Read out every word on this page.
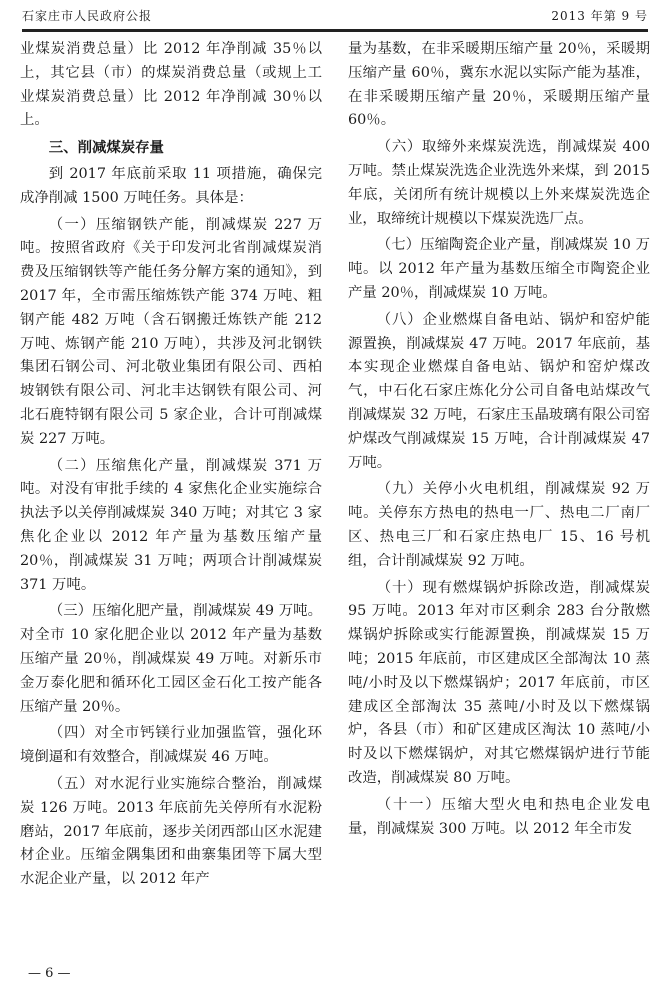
石家庄市人民政府公报	2013 年第 9 号

业煤炭消费总量）比 2012 年净削减 35％以上，其它县（市）的煤炭消费总量（或规上工业煤炭消费总量）比 2012 年净削减 30％以上。

三、削减煤炭存量

到 2017 年底前采取 11 项措施，确保完成净削减 1500 万吨任务。具体是：

（一）压缩钢铁产能，削减煤炭 227 万吨。按照省政府《关于印发河北省削减煤炭消费及压缩钢铁等产能任务分解方案的通知》，到 2017 年，全市需压缩炼铁产能 374 万吨、粗钢产能 482 万吨（含石钢搬迁炼铁产能 212 万吨、炼钢产能 210 万吨），共涉及河北钢铁集团石钢公司、河北敬业集团有限公司、西柏坡钢铁有限公司、河北丰达钢铁有限公司、河北石鹿特钢有限公司 5 家企业，合计可削减煤炭 227 万吨。

（二）压缩焦化产量，削减煤炭 371 万吨。对没有审批手续的 4 家焦化企业实施综合执法予以关停削减煤炭 340 万吨；对其它 3 家焦化企业以 2012 年产量为基数压缩产量 20％，削减煤炭 31 万吨；两项合计削减煤炭 371 万吨。

（三）压缩化肥产量，削减煤炭 49 万吨。对全市 10 家化肥企业以 2012 年产量为基数压缩产量 20％，削减煤炭 49 万吨。对新乐市金万泰化肥和循环化工园区金石化工按产能各压缩产量 20％。

（四）对全市钙镁行业加强监管，强化环境倒逼和有效整合，削减煤炭 46 万吨。

（五）对水泥行业实施综合整治，削减煤炭 126 万吨。2013 年底前先关停所有水泥粉磨站，2017 年底前，逐步关闭西部山区水泥建材企业。压缩金隅集团和曲寨集团等下属大型水泥企业产量，以 2012 年产

量为基数，在非采暖期压缩产量 20％，采暖期压缩产量 60％，冀东水泥以实际产能为基准，在非采暖期压缩产量 20％，采暖期压缩产量 60％。

（六）取缔外来煤炭洗选，削减煤炭 400 万吨。禁止煤炭洗选企业洗选外来煤，到 2015 年底，关闭所有统计规模以上外来煤炭洗选企业，取缔统计规模以下煤炭洗选厂点。

（七）压缩陶瓷企业产量，削减煤炭 10 万吨。以 2012 年产量为基数压缩全市陶瓷企业产量 20％，削减煤炭 10 万吨。

（八）企业燃煤自备电站、锅炉和窑炉能源置换，削减煤炭 47 万吨。2017 年底前，基本实现企业燃煤自备电站、锅炉和窑炉煤改气，中石化石家庄炼化分公司自备电站煤改气削减煤炭 32 万吨，石家庄玉晶玻璃有限公司窑炉煤改气削减煤炭 15 万吨，合计削减煤炭 47 万吨。

（九）关停小火电机组，削减煤炭 92 万吨。关停东方热电的热电一厂、热电二厂南厂区、热电三厂和石家庄热电厂 15、16 号机组，合计削减煤炭 92 万吨。

（十）现有燃煤锅炉拆除改造，削减煤炭 95 万吨。2013 年对市区剩余 283 台分散燃煤锅炉拆除或实行能源置换，削减煤炭 15 万吨；2015 年底前，市区建成区全部淘汰 10 蒸吨/小时及以下燃煤锅炉；2017 年底前，市区建成区全部淘汰 35 蒸吨/小时及以下燃煤锅炉，各县（市）和矿区建成区淘汰 10 蒸吨/小时及以下燃煤锅炉，对其它燃煤锅炉进行节能改造，削减煤炭 80 万吨。

（十一）压缩大型火电和热电企业发电量，削减煤炭 300 万吨。以 2012 年全市发

— 6 —
